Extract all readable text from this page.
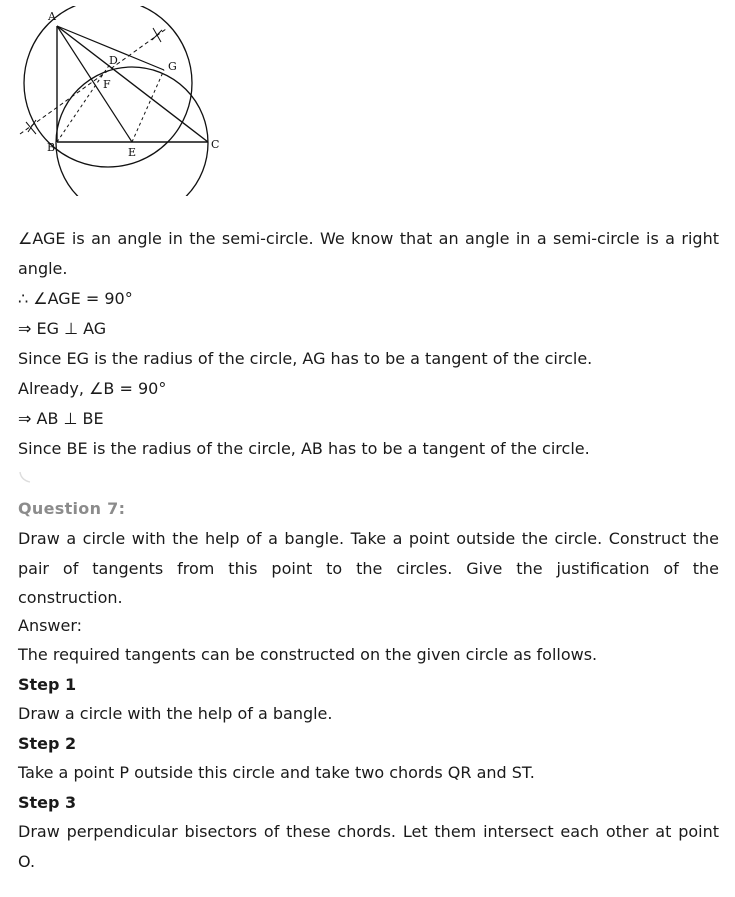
A
B	C
D
E
F
G
∠AGE is an angle in the semi-circle. We know that an angle in a semi-circle is a right
angle.
∴ ∠AGE = 90°
⇒ EG ⊥ AG
Since EG is the radius of the circle, AG has to be a tangent of the circle.
Already, ∠B = 90°
⇒ AB ⊥ BE
Since BE is the radius of the circle, AB has to be a tangent of the circle.
Question 7:
Draw a circle with the help of a bangle. Take a point outside the circle. Construct the
pair of tangents from this point to the circles. Give the justification of the
construction.
Answer:
The required tangents can be constructed on the given circle as follows.
Step 1
Draw a circle with the help of a bangle.
Step 2
Take a point P outside this circle and take two chords QR and ST.
Step 3
Draw perpendicular bisectors of these chords. Let them intersect each other at point
O.
